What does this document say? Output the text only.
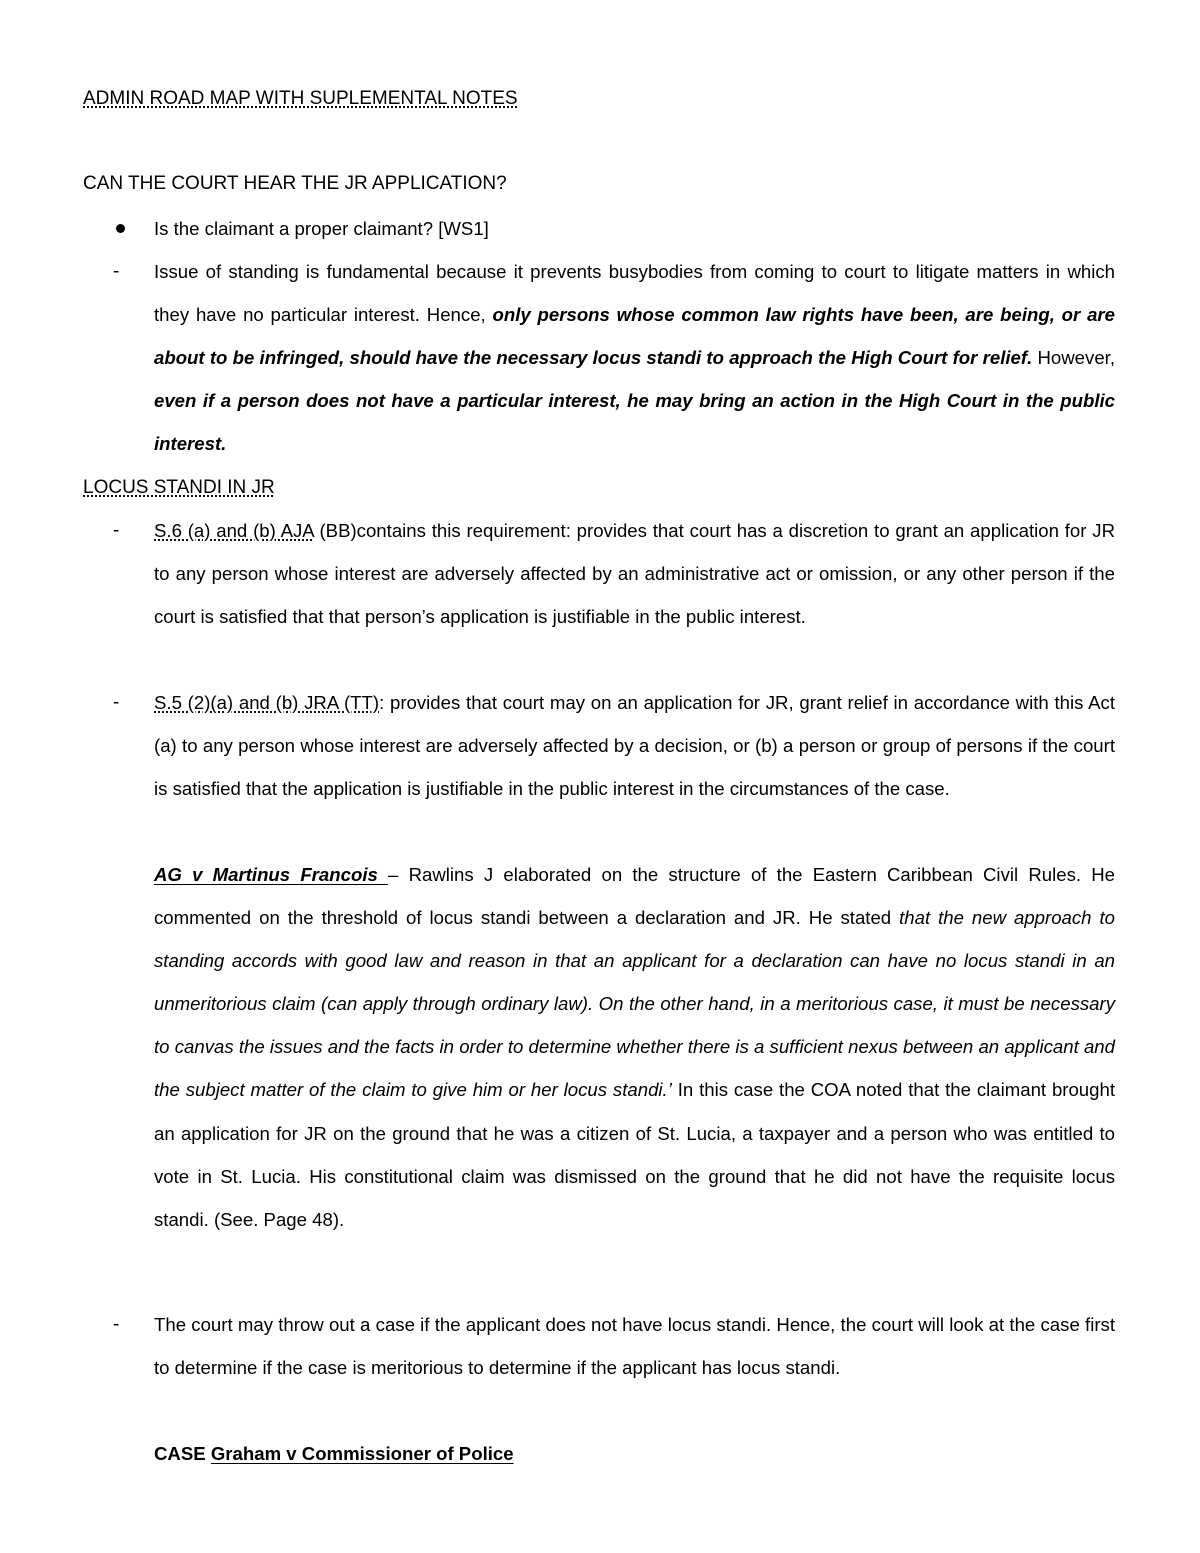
ADMIN ROAD MAP WITH SUPLEMENTAL NOTES
CAN THE COURT HEAR THE JR APPLICATION?
Is the claimant a proper claimant? [WS1]
- Issue of standing is fundamental because it prevents busybodies from coming to court to litigate matters in which they have no particular interest. Hence, only persons whose common law rights have been, are being, or are about to be infringed, should have the necessary locus standi to approach the High Court for relief. However, even if a person does not have a particular interest, he may bring an action in the High Court in the public interest.
LOCUS STANDI IN JR
- S.6 (a) and (b) AJA (BB)contains this requirement: provides that court has a discretion to grant an application for JR to any person whose interest are adversely affected by an administrative act or omission, or any other person if the court is satisfied that that person’s application is justifiable in the public interest.
- S.5 (2)(a) and (b) JRA (TT): provides that court may on an application for JR, grant relief in accordance with this Act (a) to any person whose interest are adversely affected by a decision, or (b) a person or group of persons if the court is satisfied that the application is justifiable in the public interest in the circumstances of the case.
AG v Martinus Francois – Rawlins J elaborated on the structure of the Eastern Caribbean Civil Rules. He commented on the threshold of locus standi between a declaration and JR. He stated that the new approach to standing accords with good law and reason in that an applicant for a declaration can have no locus standi in an unmeritorious claim (can apply through ordinary law). On the other hand, in a meritorious case, it must be necessary to canvas the issues and the facts in order to determine whether there is a sufficient nexus between an applicant and the subject matter of the claim to give him or her locus standi.’ In this case the COA noted that the claimant brought an application for JR on the ground that he was a citizen of St. Lucia, a taxpayer and a person who was entitled to vote in St. Lucia. His constitutional claim was dismissed on the ground that he did not have the requisite locus standi. (See. Page 48).
- The court may throw out a case if the applicant does not have locus standi. Hence, the court will look at the case first to determine if the case is meritorious to determine if the applicant has locus standi.
CASE Graham v Commissioner of Police
